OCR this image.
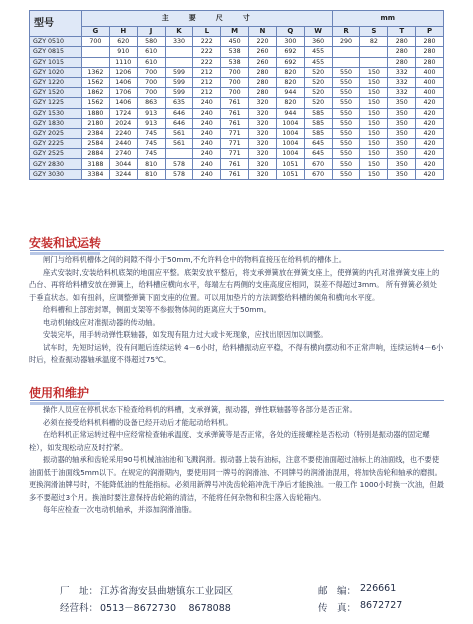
型号	主　　要　　尺　　寸									mm			
	G	H	J	K	L	M	N	Q	W	R	S	T	P
GZY 0510	700	620	580	330	222	450	220	300	360	290	82	280	280
GZY 0815		910	610		222	538	260	692	455			280	280
GZY 1015		1110	610		222	538	260	692	455			280	280
GZY 1020	1362	1206	700	599	212	700	280	820	520	550	150	332	400
GZY 1220	1562	1406	700	599	212	700	280	820	520	550	150	332	400
GZY 1520	1862	1706	700	599	212	700	280	944	520	550	150	332	400
GZY 1225	1562	1406	863	635	240	761	320	820	520	550	150	350	420
GZY 1530	1880	1724	913	646	240	761	320	944	585	550	150	350	420
GZY 1830	2180	2024	913	646	240	761	320	1004	585	550	150	350	420
GZY 2025	2384	2240	745	561	240	771	320	1004	585	550	150	350	420
GZY 2225	2584	2440	745	561	240	771	320	1004	645	550	150	350	420
GZY 2525	2884	2740	745		240	771	320	1004	645	550	150	350	420
GZY 2830	3188	3044	810	578	240	761	320	1051	670	550	150	350	420
GZY 3030	3384	3244	810	578	240	761	320	1051	670	550	150	350	420
安装和试运转

闸门与给料机槽体之间的间隙不得小于50mm,不允许料仓中的物料直接压在给料机的槽体上。

座式安装时,安装给料机底架的地面应平整。底架安放平整后，将支承弹簧放在弹簧支座上，使弹簧的内孔对准弹簧支座上的凸台、再将给料槽安放在弹簧上，给料槽应横向水平，每端左右两侧的支座高度应相同，误差不得超过3mm。 所有弹簧必须处于垂直状态。如有扭斜，应调整弹簧下面支座的位置。可以用加垫片的方法调整给料槽的倾角和横向水平度。

给料槽和上部密封罩，侧面支架等不参振物体间的距离应大于50mm。

电动机轴线应对准振动器的传动轴。

安装完毕，用手转动弹性联轴器，如发现有阻力过大或卡死现象，应找出原因加以调整。

试车时，先短时运转，没有问题后连续运转 4－6小时，给料槽振动应平稳，不得有横向摆动和不正常声响，连续运转4－6小时后，检查振动器轴承温度不得超过75℃。

使用和维护

操作人员应在停机状态下检查给料机的料槽，支承弹簧，振动器，弹性联轴器等各部分是否正常。

必须在接受给料机料槽的设备已经开动后才能起动给料机。

在给料机正常运转过程中应经常检查轴承温度、支承弹簧等是否正常，各处的连接螺栓是否松动（特别是振动器的固定螺栓），如发现松动应及时拧紧。

振动器的轴承和齿轮采用90号机械油油池和飞溅润滑。振动器上装有油标，注意不要使油面超过油标上的油面线，也不要使油面低于油面线5mm以下。在规定的润滑期内，要使用同一牌号的润滑油、不同牌号的润滑油混用，将加快齿轮和轴承的磨损。更换润滑油牌号时，不能降低油的性能指标。必须用新牌号冲洗齿轮箱冲洗干净后才能换油。一般工作 1000小时换一次油，但最多不要超过3个月。换油时要注意保持齿轮箱的清洁，不能将任何杂物和积尘落入齿轮箱内。

每年应检查一次电动机轴承，并添加润滑油脂。

厂　址： 江苏省海安县曲塘镇东工业园区	邮　编： 226661
经营科： 0513－8672730　 8678088	传　真： 8672727
